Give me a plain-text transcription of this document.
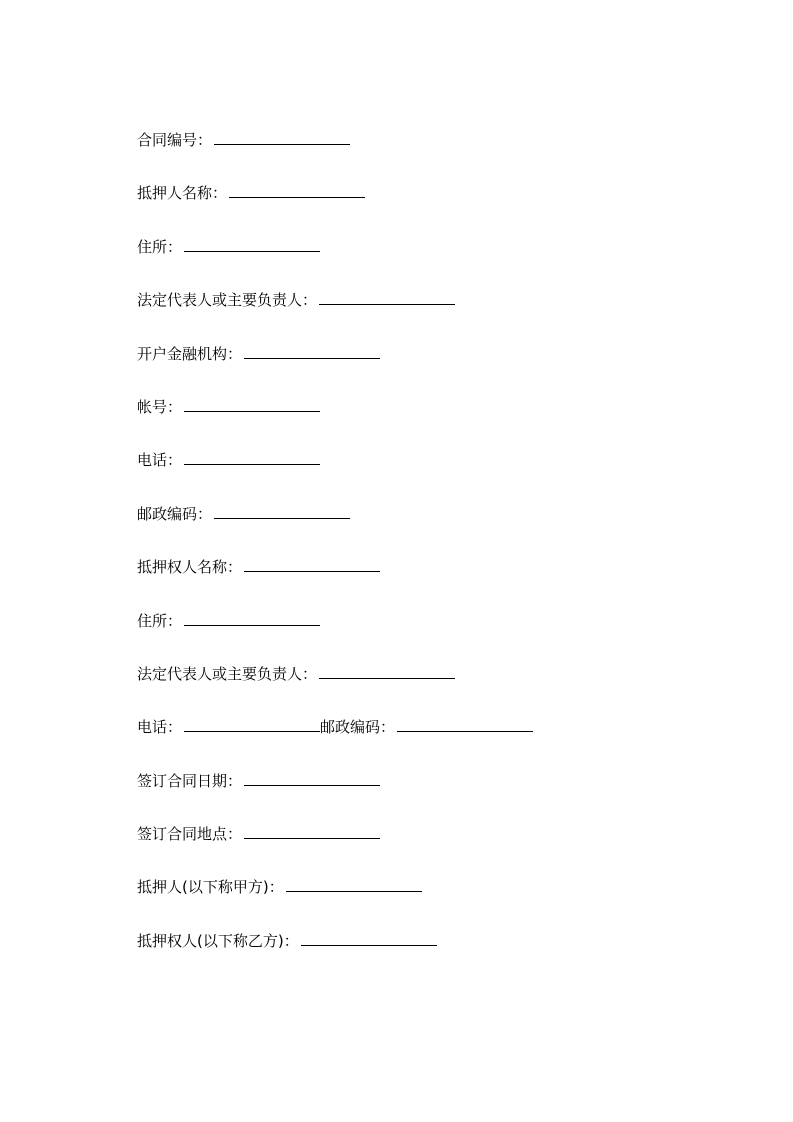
合同编号：
抵押人名称：
住所：
法定代表人或主要负责人：
开户金融机构：
帐号：
电话：
邮政编码：
抵押权人名称：
住所：
法定代表人或主要负责人：
电话：	邮政编码：
签订合同日期：
签订合同地点：
抵押人(以下称甲方)：
抵押权人(以下称乙方)：
